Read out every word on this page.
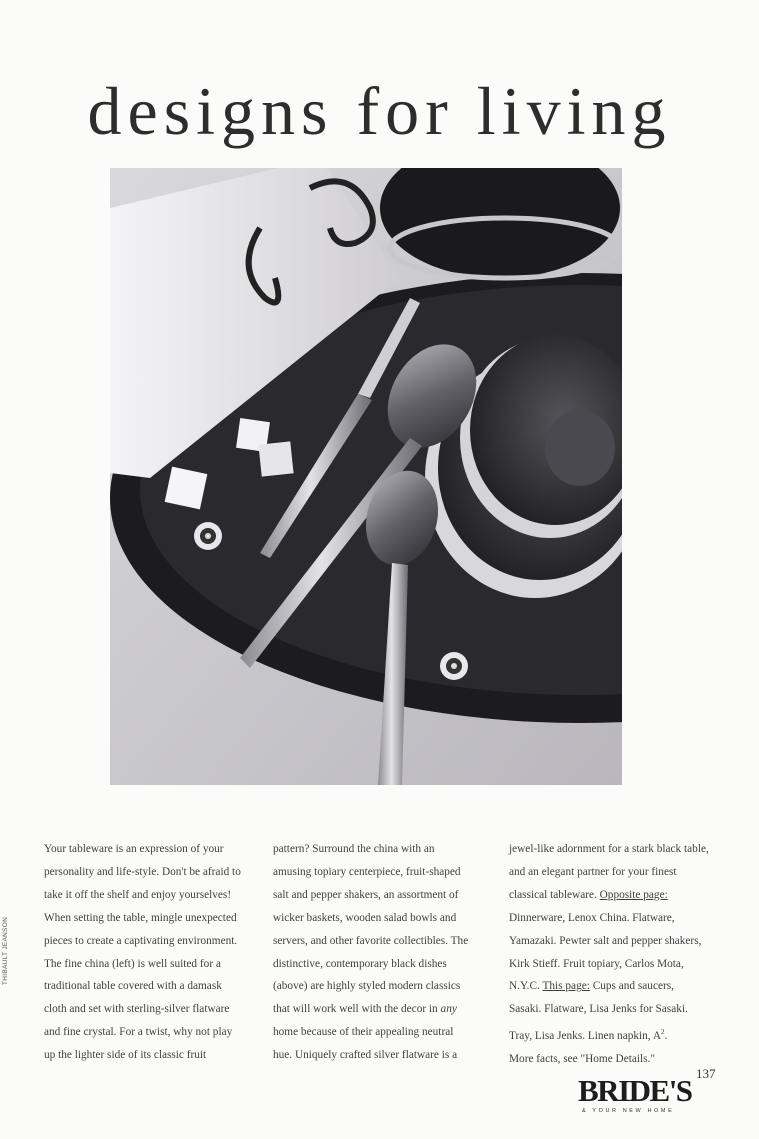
designs for living
Your tableware is an expression of your
personality and life-style. Don't be afraid to
take it off the shelf and enjoy yourselves!
When setting the table, mingle unexpected
pieces to create a captivating environment.
The fine china (left) is well suited for a
traditional table covered with a damask
cloth and set with sterling-silver flatware
and fine crystal. For a twist, why not play
up the lighter side of its classic fruit
pattern? Surround the china with an
amusing topiary centerpiece, fruit-shaped
salt and pepper shakers, an assortment of
wicker baskets, wooden salad bowls and
servers, and other favorite collectibles. The
distinctive, contemporary black dishes
(above) are highly styled modern classics
that will work well with the decor in any
home because of their appealing neutral
hue. Uniquely crafted silver flatware is a
jewel-like adornment for a stark black table,
and an elegant partner for your finest
classical tableware. Opposite page:
Dinnerware, Lenox China. Flatware,
Yamazaki. Pewter salt and pepper shakers,
Kirk Stieff. Fruit topiary, Carlos Mota,
N.Y.C. This page: Cups and saucers,
Sasaki. Flatware, Lisa Jenks for Sasaki.
Tray, Lisa Jenks. Linen napkin, $A^2$.
More facts, see "Home Details."
THIBAULT JEANSON
137
BRIDE'S
& YOUR NEW HOME
